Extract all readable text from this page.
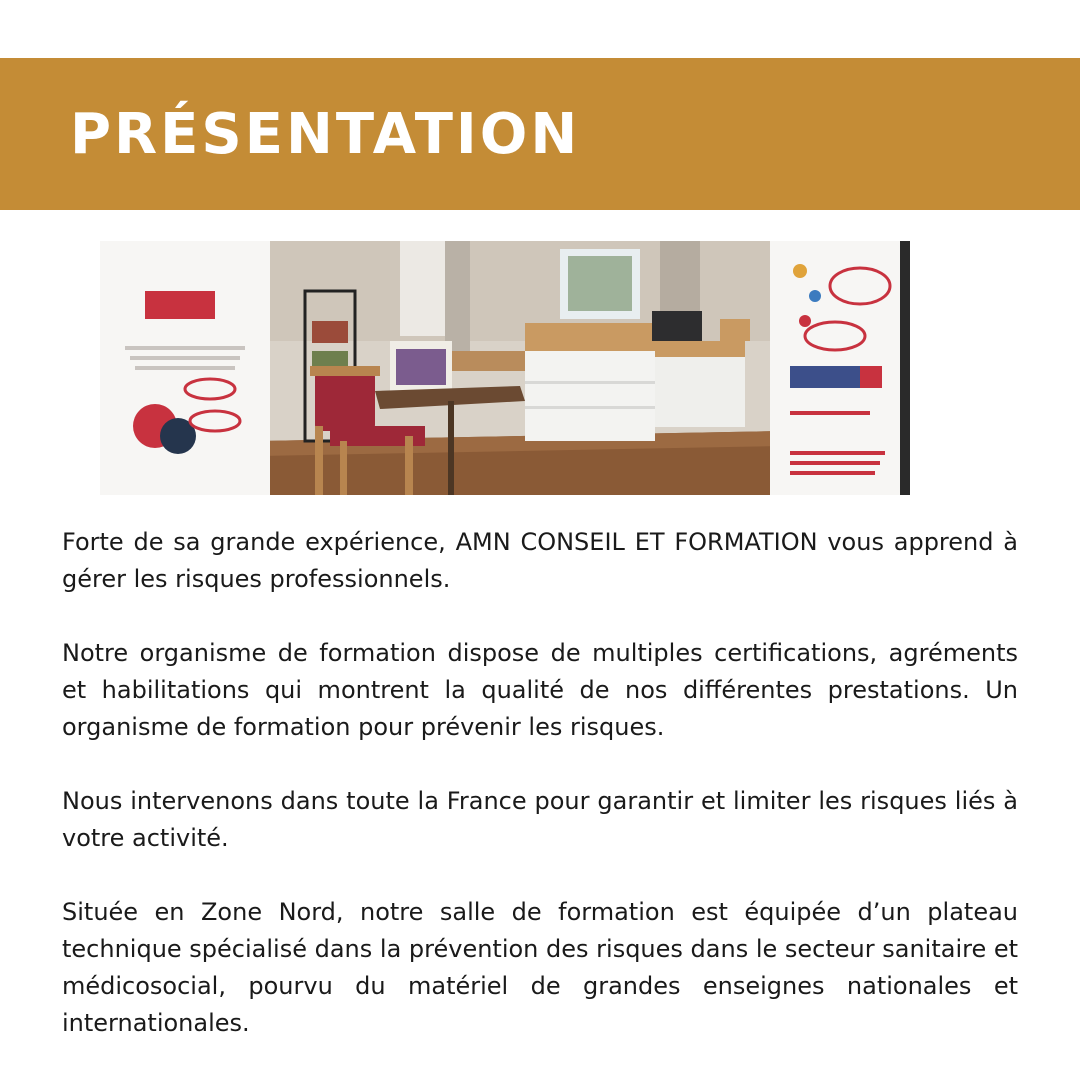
PRÉSENTATION

Forte de sa grande expérience, AMN CONSEIL ET FORMATION vous apprend à gérer les risques professionnels.

Notre organisme de formation dispose de multiples certifications, agréments et habilitations qui montrent la qualité de nos différentes prestations. Un organisme de formation pour prévenir les risques.

Nous intervenons dans toute la France pour garantir et limiter les risques liés à votre activité.

Située en Zone Nord, notre salle de formation est équipée d’un plateau technique spécialisé dans la prévention des risques dans le secteur sanitaire et médicosocial, pourvu du matériel de grandes enseignes nationales et internationales.
